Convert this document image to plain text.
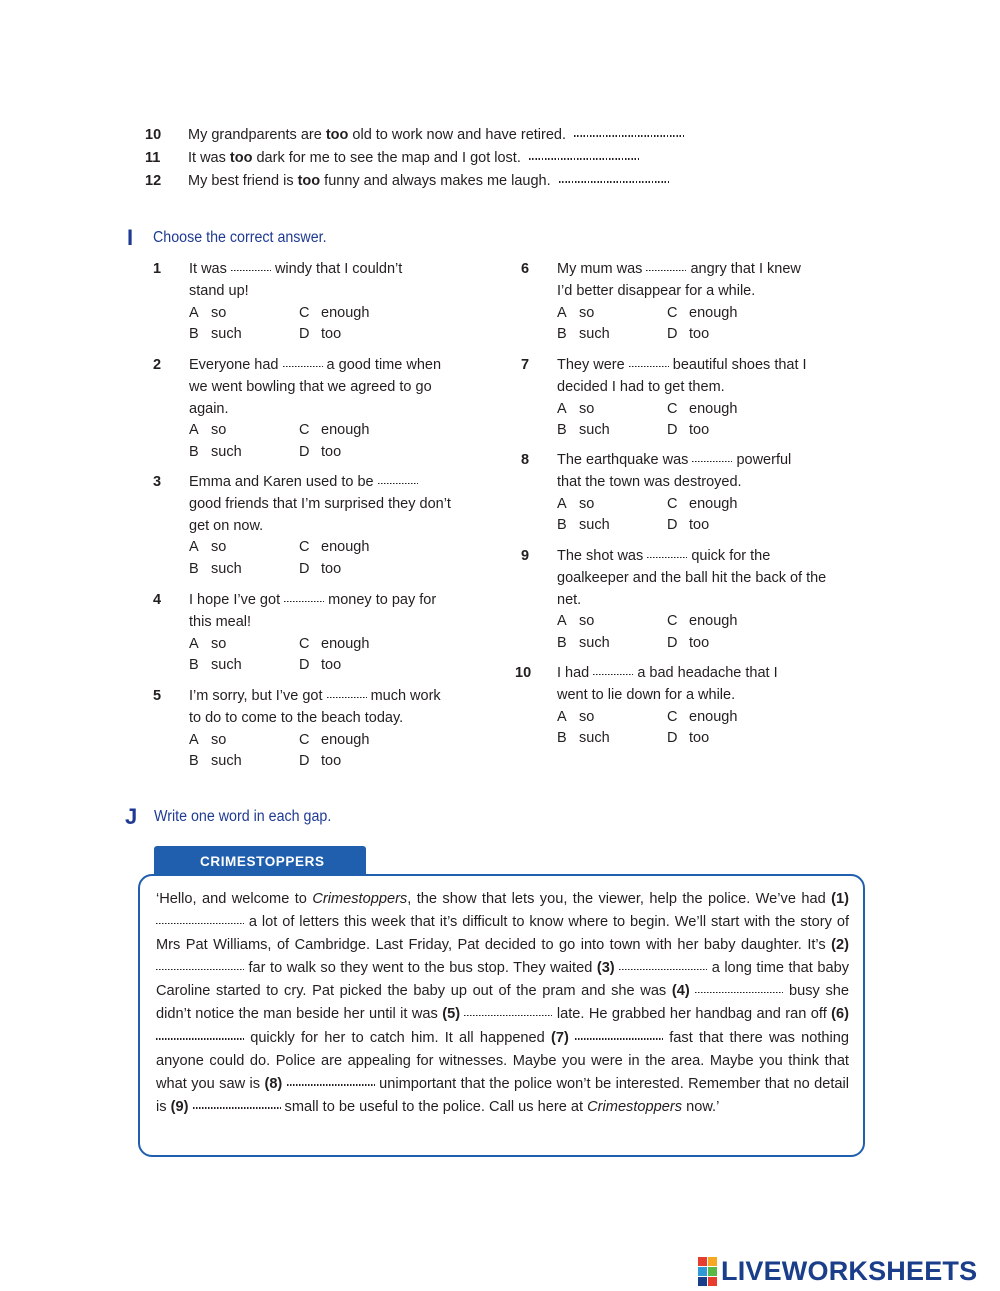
10 My grandparents are too old to work now and have retired.
11 It was too dark for me to see the map and I got lost.
12 My best friend is too funny and always makes me laugh.
I Choose the correct answer.
1	It was	windy that I couldn’t
stand up!
A so	C enough
B such	D too
2	Everyone had	a good time when
we went bowling that we agreed to go again.
A so	C enough
B such	D too
3	Emma and Karen used to be
good friends that I’m surprised they don’t get on now.
A so	C enough
B such	D too
4	I hope I’ve got	money to pay for
this meal!
A so	C enough
B such	D too
5	I’m sorry, but I’ve got	much work
to do to come to the beach today.
A so	C enough
B such	D too
6	My mum was	angry that I knew
I’d better disappear for a while.
A so	C enough
B such	D too
7	They were	beautiful shoes that I
decided I had to get them.
A so	C enough
B such	D too
8	The earthquake was	powerful
that the town was destroyed.
A so	C enough
B such	D too
9	The shot was	quick for the
goalkeeper and the ball hit the back of the net.
A so	C enough
B such	D too
10	I had	a bad headache that I
went to lie down for a while.
A so	C enough
B such	D too
J Write one word in each gap.
CRIMESTOPPERS
‘Hello, and welcome to Crimestoppers, the show that lets you, the viewer, help the police. We’ve had (1)  a lot of letters this week that it’s difficult to know where to begin. We’ll start with the story of Mrs Pat Williams, of Cambridge. Last Friday, Pat decided to go into town with her baby daughter. It’s (2)  far to walk so they went to the bus stop. They waited (3)	a long time that baby Caroline started to cry. Pat picked the baby up out of the pram and she was (4)	busy she didn’t notice the man beside her until it was (5)	late. He grabbed her handbag and ran off (6)  quickly for her to catch him. It all happened (7)	fast that there was nothing anyone could do. Police are appealing for witnesses. Maybe you were in the area. Maybe you think that what you saw is (8)	unimportant that the police won’t be interested. Remember that no detail is (9)	small to be useful to the police. Call us here at Crimestoppers now.’
LIVEWORKSHEETS
